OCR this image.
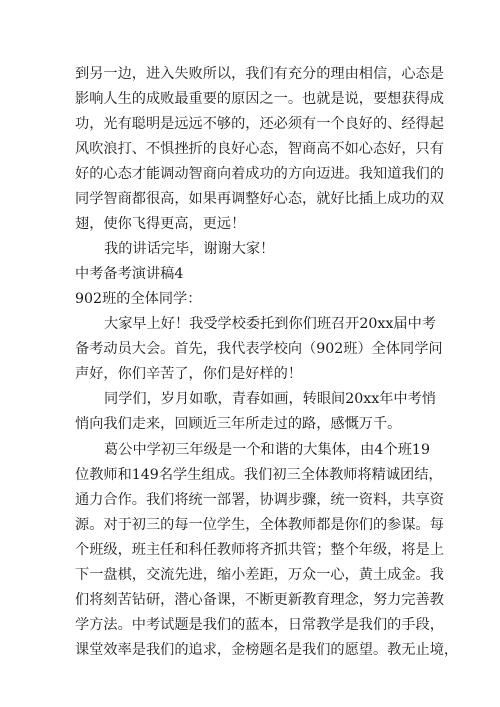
到另一边，进入失败所以，我们有充分的理由相信，心态是
影响人生的成败最重要的原因之一。也就是说，要想获得成
功，光有聪明是远远不够的，还必须有一个良好的、经得起
风吹浪打、不惧挫折的良好心态，智商高不如心态好，只有
好的心态才能调动智商向着成功的方向迈进。我知道我们的
同学智商都很高，如果再调整好心态，就好比插上成功的双
翅，使你飞得更高，更远！
我的讲话完毕，谢谢大家！
中考备考演讲稿4
902班的全体同学：
大家早上好！我受学校委托到你们班召开20xx届中考
备考动员大会。首先，我代表学校向（902班）全体同学问
声好，你们辛苦了，你们是好样的！
同学们，岁月如歌，青春如画，转眼间20xx年中考悄
悄向我们走来，回顾近三年所走过的路，感慨万千。
葛公中学初三年级是一个和谐的大集体，由4个班19
位教师和149名学生组成。我们初三全体教师将精诚团结，
通力合作。我们将统一部署，协调步骤，统一资料，共享资
源。对于初三的每一位学生，全体教师都是你们的参谋。每
个班级，班主任和科任教师将齐抓共管；整个年级，将是上
下一盘棋，交流先进，缩小差距，万众一心，黄土成金。我
们将刻苦钻研，潜心备课，不断更新教育理念，努力完善教
学方法。中考试题是我们的蓝本，日常教学是我们的手段，
课堂效率是我们的追求，金榜题名是我们的愿望。教无止境，
